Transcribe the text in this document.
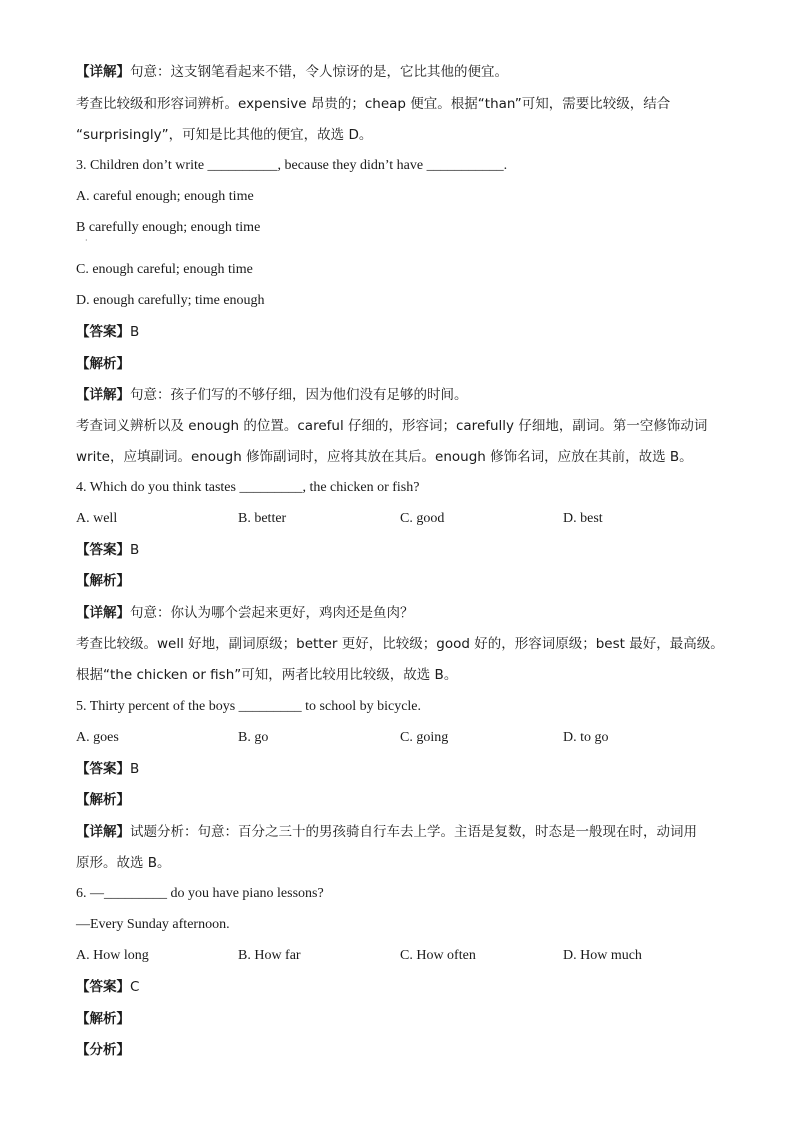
【详解】句意：这支钢笔看起来不错，令人惊讶的是，它比其他的便宜。
考查比较级和形容词辨析。expensive 昂贵的；cheap 便宜。根据“than”可知，需要比较级，结合
“surprisingly”，可知是比其他的便宜，故选 D。
3. Children don’t write __________, because they didn’t have ___________.
A. careful enough; enough time
B carefully enough; enough time
·
C. enough careful; enough time
D. enough carefully; time enough
【答案】B
【解析】
【详解】句意：孩子们写的不够仔细，因为他们没有足够的时间。
考查词义辨析以及 enough 的位置。careful 仔细的，形容词；carefully 仔细地，副词。第一空修饰动词
write，应填副词。enough 修饰副词时，应将其放在其后。enough 修饰名词，应放在其前，故选 B。
4. Which do you think tastes _________, the chicken or fish?
A. well	B. better	C. good	D. best
【答案】B
【解析】
【详解】句意：你认为哪个尝起来更好，鸡肉还是鱼肉？
考查比较级。well 好地，副词原级；better 更好，比较级；good 好的，形容词原级；best 最好，最高级。
根据“the chicken or fish”可知，两者比较用比较级，故选 B。
5. Thirty percent of the boys _________ to school by bicycle.
A. goes	B. go	C. going	D. to go
【答案】B
【解析】
【详解】试题分析：句意：百分之三十的男孩骑自行车去上学。主语是复数，时态是一般现在时，动词用
原形。故选 B。
6. —_________ do you have piano lessons?
—Every Sunday afternoon.
A. How long	B. How far	C. How often	D. How much
【答案】C
【解析】
【分析】
